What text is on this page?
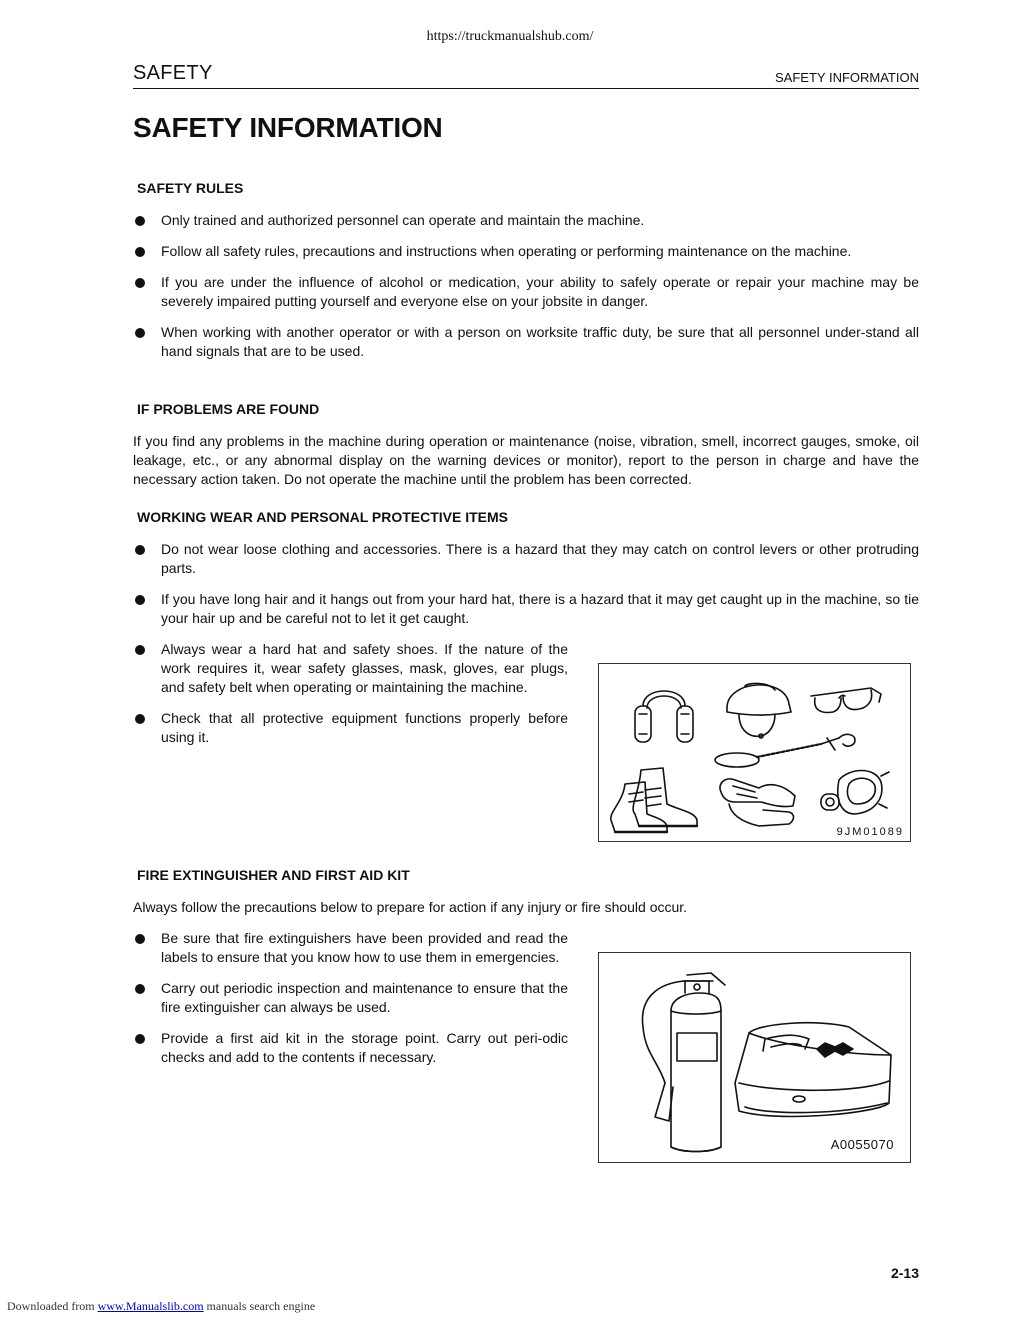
https://truckmanualshub.com/
SAFETY	SAFETY INFORMATION
SAFETY INFORMATION
SAFETY RULES
Only trained and authorized personnel can operate and maintain the machine.
Follow all safety rules, precautions and instructions when operating or performing maintenance on the machine.
If you are under the influence of alcohol or medication, your ability to safely operate or repair your machine may be severely impaired putting yourself and everyone else on your jobsite in danger.
When working with another operator or with a person on worksite traffic duty, be sure that all personnel under-stand all hand signals that are to be used.
IF PROBLEMS ARE FOUND

If you find any problems in the machine during operation or maintenance (noise, vibration, smell, incorrect gauges, smoke, oil leakage, etc., or any abnormal display on the warning devices or monitor), report to the person in charge and have the necessary action taken. Do not operate the machine until the problem has been corrected.

WORKING WEAR AND PERSONAL PROTECTIVE ITEMS
Do not wear loose clothing and accessories. There is a hazard that they may catch on control levers or other protruding parts.
If you have long hair and it hangs out from your hard hat, there is a hazard that it may get caught up in the machine, so tie your hair up and be careful not to let it get caught.
Always wear a hard hat and safety shoes. If the nature of the work requires it, wear safety glasses, mask, gloves, ear plugs, and safety belt when operating or maintaining the machine.
Check that all protective equipment functions properly before using it.
9JM01089
FIRE EXTINGUISHER AND FIRST AID KIT

Always follow the precautions below to prepare for action if any injury or fire should occur.

Be sure that fire extinguishers have been provided and read the labels to ensure that you know how to use them in emergencies.
Carry out periodic inspection and maintenance to ensure that the fire extinguisher can always be used.
Provide a first aid kit in the storage point. Carry out peri-odic checks and add to the contents if necessary.
A0055070
2-13
Downloaded from www.Manualslib.com manuals search engine
